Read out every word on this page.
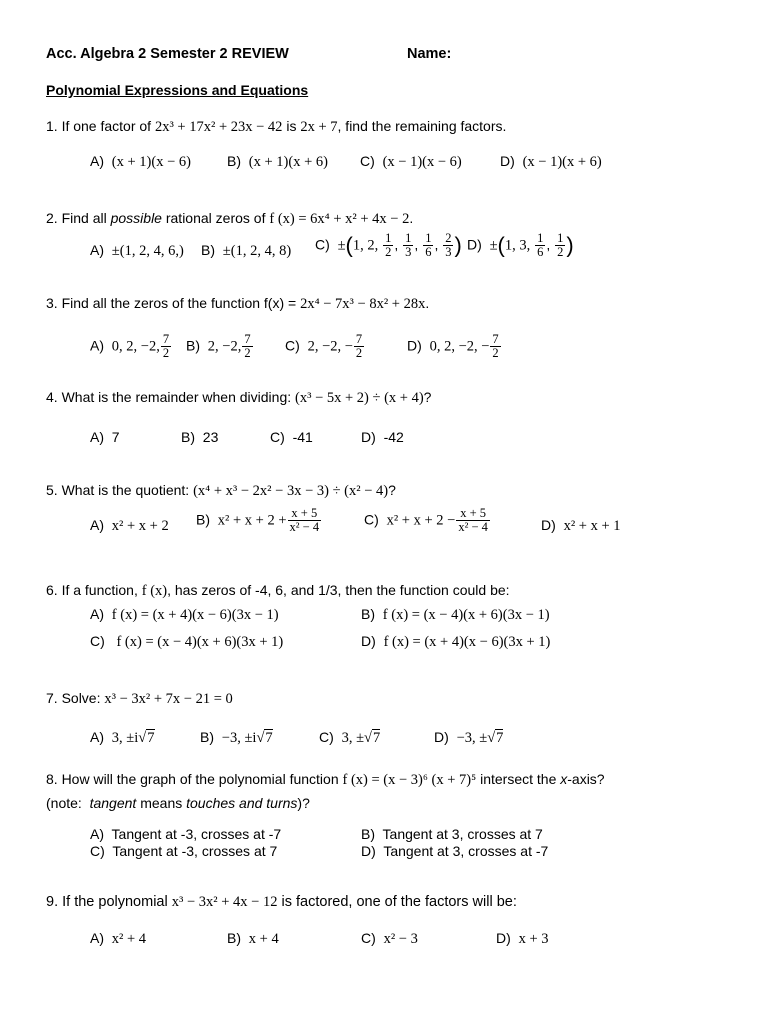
Acc. Algebra 2 Semester 2 REVIEW	Name:
Polynomial Expressions and Equations
1. If one factor of 2x³ + 17x² + 23x − 42 is 2x + 7, find the remaining factors.
A) (x + 1)(x − 6)	B) (x + 1)(x + 6) C) (x − 1)(x − 6)	D) (x − 1)(x + 6)
2. Find all possible rational zeros of f (x) = 6x⁴ + x² + 4x − 2.
A) ±(1, 2, 4, 6,) B) ±(1, 2, 4, 8) C) ±(1, 2, $\frac{1}{2}$ , $\frac{1}{3}$ , $\frac{1}{6}$ , $\frac{2}{3}$ ) D) ±(1, 3, $\frac{1}{6}$ , $\frac{1}{2}$ )
3. Find all the zeros of the function f(x) = 2x⁴ − 7x³ − 8x² + 28x.
A) 0, 2, −2, $\frac{7}{2} B$) 2, −2, $\frac{7}{2} C$) 2, −2, − $\frac{7}{2}$	D) 0, 2, −2, − $\frac{7}{2}$
4. What is the remainder when dividing: (x³ − 5x + 2) ÷ (x + 4)?
A) 7	B) 23	C) -41	D) -42
5. What is the quotient: (x⁴ + x³ − 2x² − 3x − 3) ÷ (x² − 4)?
A) x² + x + 2 B) $x^2 + x + 2 + \frac{x + 5}{\text{x² − 4}}$	C) $x^2 + x + 2 - \frac{x + 5}{\text{x² − 4}}$	D) x² + x + 1
6. If a function, f (x), has zeros of -4, 6, and 1/3, then the function could be:
A) f (x) = (x + 4)(x − 6)(3x − 1)	B) f (x) = (x − 4)(x + 6)(3x − 1)
C) f (x) = (x − 4)(x + 6)(3x + 1)	D) f (x) = (x + 4)(x − 6)(3x + 1)
7. Solve: x³ − 3x² + 7x − 21 = 0
A) 3, ±i√7	B) −3, ±i√7	C) 3, ±√7	D) −3, ±√7
8. How will the graph of the polynomial function f (x) = (x − 3)⁶ (x + 7)⁵ intersect the x-axis?
(note: tangent means touches and turns)?
A) Tangent at -3, crosses at -7	B) Tangent at 3, crosses at 7
C) Tangent at -3, crosses at 7	D) Tangent at 3, crosses at -7
9. If the polynomial x³ − 3x² + 4x − 12 is factored, one of the factors will be:
A) x² + 4	B) x + 4	C) x² − 3	D) x + 3
